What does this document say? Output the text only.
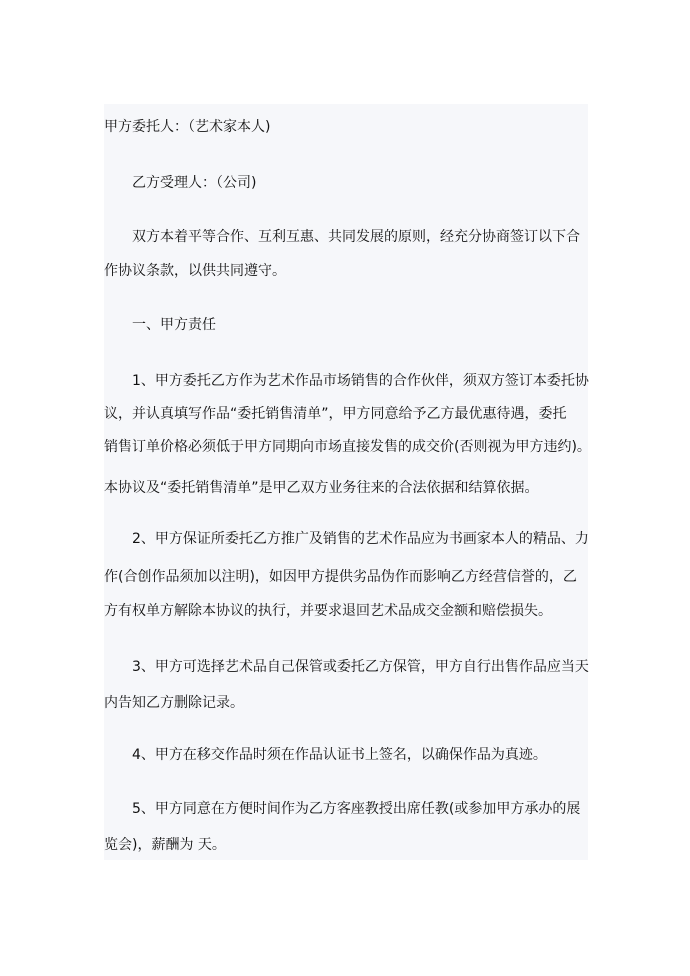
甲方委托人：（艺术家本人)
乙方受理人：（公司)
双方本着平等合作、互利互惠、共同发展的原则，经充分协商签订以下合
作协议条款，以供共同遵守。
一、甲方责任
1、甲方委托乙方作为艺术作品市场销售的合作伙伴，须双方签订本委托协
议，并认真填写作品“委托销售清单”，甲方同意给予乙方最优惠待遇，委托
销售订单价格必须低于甲方同期向市场直接发售的成交价(否则视为甲方违约)。
本协议及“委托销售清单”是甲乙双方业务往来的合法依据和结算依据。
2、甲方保证所委托乙方推广及销售的艺术作品应为书画家本人的精品、力
作(合创作品须加以注明)，如因甲方提供劣品伪作而影响乙方经营信誉的，乙
方有权单方解除本协议的执行，并要求退回艺术品成交金额和赔偿损失。
3、甲方可选择艺术品自己保管或委托乙方保管，甲方自行出售作品应当天
内告知乙方删除记录。
4、甲方在移交作品时须在作品认证书上签名，以确保作品为真迹。
5、甲方同意在方便时间作为乙方客座教授出席任教(或参加甲方承办的展
览会)，薪酬为 天。
